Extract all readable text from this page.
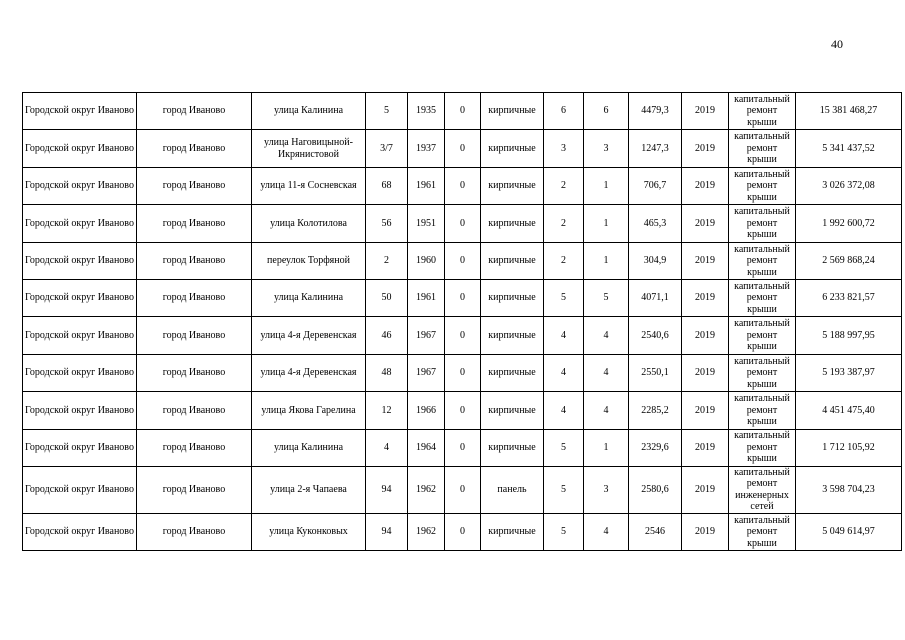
40
Городской округ Иваново	город Иваново	улица Калинина	5	1935	0	кирпичные	6	6	4479,3	2019	капитальный ремонт крыши	15 381 468,27
Городской округ Иваново	город Иваново	улица Наговицыной-Икрянистовой	3/7	1937	0	кирпичные	3	3	1247,3	2019	капитальный ремонт крыши	5 341 437,52
Городской округ Иваново	город Иваново	улица 11-я Сосневская	68	1961	0	кирпичные	2	1	706,7	2019	капитальный ремонт крыши	3 026 372,08
Городской округ Иваново	город Иваново	улица Колотилова	56	1951	0	кирпичные	2	1	465,3	2019	капитальный ремонт крыши	1 992 600,72
Городской округ Иваново	город Иваново	переулок Торфяной	2	1960	0	кирпичные	2	1	304,9	2019	капитальный ремонт крыши	2 569 868,24
Городской округ Иваново	город Иваново	улица Калинина	50	1961	0	кирпичные	5	5	4071,1	2019	капитальный ремонт крыши	6 233 821,57
Городской округ Иваново	город Иваново	улица 4-я Деревенская	46	1967	0	кирпичные	4	4	2540,6	2019	капитальный ремонт крыши	5 188 997,95
Городской округ Иваново	город Иваново	улица 4-я Деревенская	48	1967	0	кирпичные	4	4	2550,1	2019	капитальный ремонт крыши	5 193 387,97
Городской округ Иваново	город Иваново	улица Якова Гарелина	12	1966	0	кирпичные	4	4	2285,2	2019	капитальный ремонт крыши	4 451 475,40
Городской округ Иваново	город Иваново	улица Калинина	4	1964	0	кирпичные	5	1	2329,6	2019	капитальный ремонт крыши	1 712 105,92
Городской округ Иваново	город Иваново	улица 2-я Чапаева	94	1962	0	панель	5	3	2580,6	2019	капитальный ремонт инженерных сетей	3 598 704,23
Городской округ Иваново	город Иваново	улица Куконковых	94	1962	0	кирпичные	5	4	2546	2019	капитальный ремонт крыши	5 049 614,97
